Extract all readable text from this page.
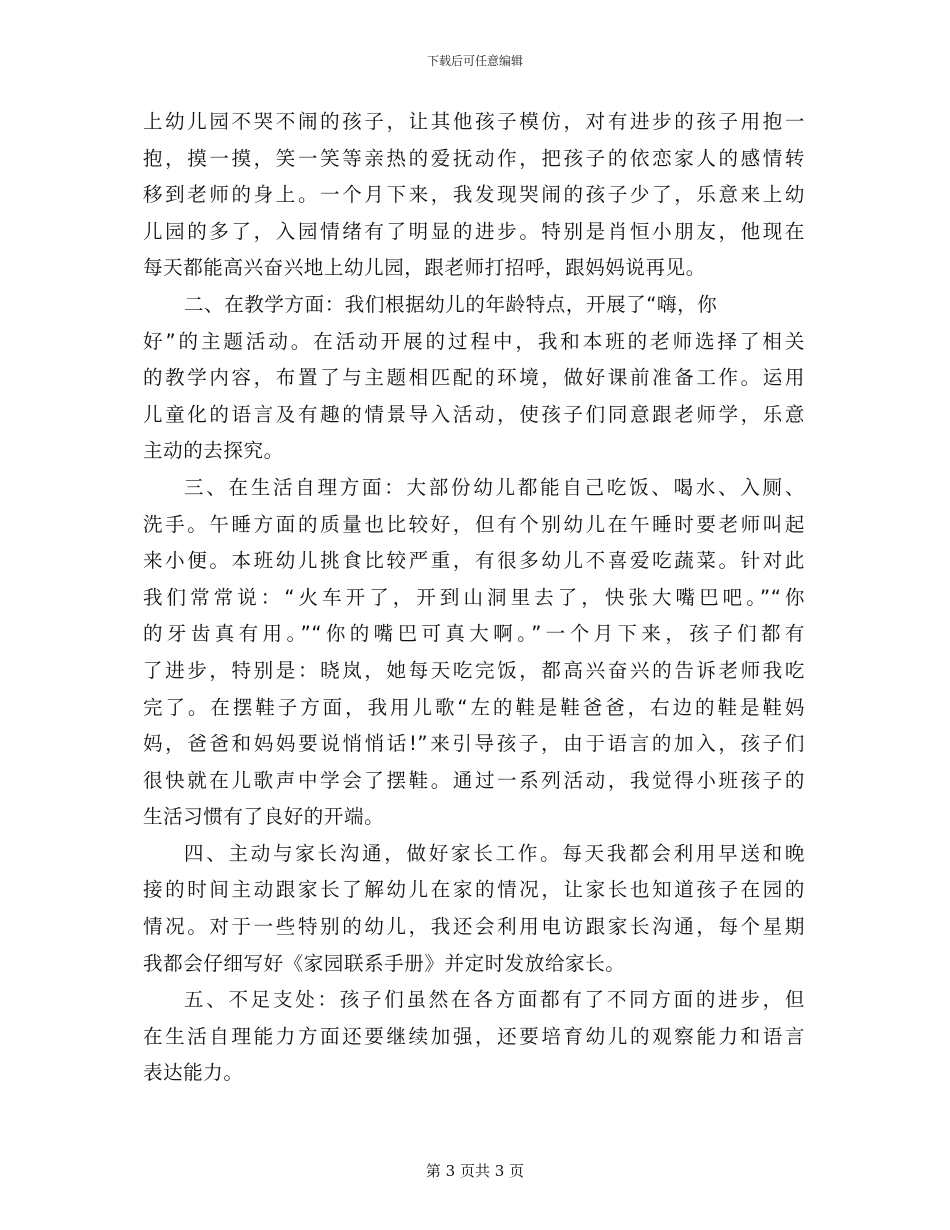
下载后可任意编辑
上幼儿园不哭不闹的孩子，让其他孩子模仿，对有进步的孩子用抱一
抱，摸一摸，笑一笑等亲热的爱抚动作，把孩子的依恋家人的感情转
移到老师的身上。一个月下来，我发现哭闹的孩子少了，乐意来上幼
儿园的多了，入园情绪有了明显的进步。特别是肖恒小朋友，他现在
每天都能高兴奋兴地上幼儿园，跟老师打招呼，跟妈妈说再见。
二、在教学方面：我们根据幼儿的年龄特点，开展了“嗨，你
好”的主题活动。在活动开展的过程中，我和本班的老师选择了相关
的教学内容，布置了与主题相匹配的环境，做好课前准备工作。运用
儿童化的语言及有趣的情景导入活动，使孩子们同意跟老师学，乐意
主动的去探究。
三、在生活自理方面：大部份幼儿都能自己吃饭、喝水、入厕、
洗手。午睡方面的质量也比较好，但有个别幼儿在午睡时要老师叫起
来小便。本班幼儿挑食比较严重，有很多幼儿不喜爱吃蔬菜。针对此
我们常常说：“火车开了，开到山洞里去了，快张大嘴巴吧。”“你
的牙齿真有用。”“你的嘴巴可真大啊。”一个月下来，孩子们都有
了进步，特别是：晓岚，她每天吃完饭，都高兴奋兴的告诉老师我吃
完了。在摆鞋子方面，我用儿歌“左的鞋是鞋爸爸，右边的鞋是鞋妈
妈，爸爸和妈妈要说悄悄话!”来引导孩子，由于语言的加入，孩子们
很快就在儿歌声中学会了摆鞋。通过一系列活动，我觉得小班孩子的
生活习惯有了良好的开端。
四、主动与家长沟通，做好家长工作。每天我都会利用早送和晚
接的时间主动跟家长了解幼儿在家的情况，让家长也知道孩子在园的
情况。对于一些特别的幼儿，我还会利用电访跟家长沟通，每个星期
我都会仔细写好《家园联系手册》并定时发放给家长。
五、不足支处：孩子们虽然在各方面都有了不同方面的进步，但
在生活自理能力方面还要继续加强，还要培育幼儿的观察能力和语言
表达能力。
第 3 页共 3 页
